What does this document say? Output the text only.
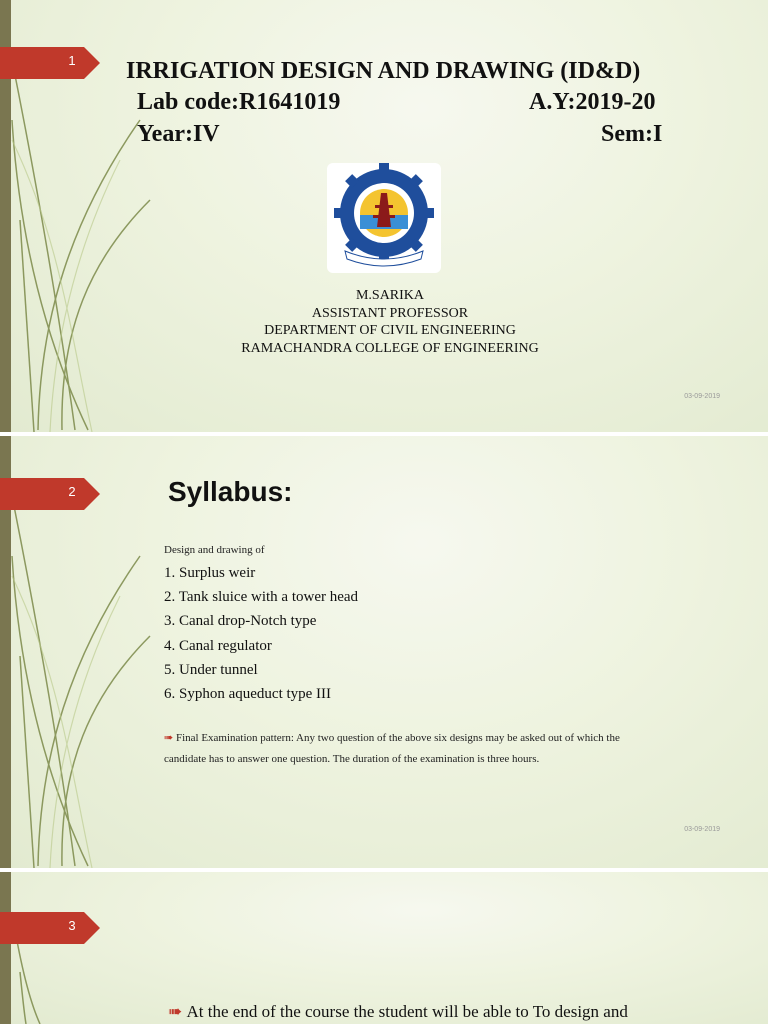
1 IRRIGATION DESIGN AND DRAWING (ID&D)
Lab code:R1641019	A.Y:2019-20
Year:IV	Sem:I
M.SARIKA
ASSISTANT PROFESSOR
DEPARTMENT OF CIVIL ENGINEERING
RAMACHANDRA COLLEGE OF ENGINEERING
03-09-2019
2	Syllabus:
Design and drawing of
1. Surplus weir
2. Tank sluice with a tower head
3. Canal drop-Notch type
4. Canal regulator
5. Under tunnel
6. Syphon aqueduct type III
➠ Final Examination pattern: Any two question of the above six designs may be asked out of which the candidate has to answer one question. The duration of the examination is three hours.
03-09-2019
3
➠ At the end of the course the student will be able to To design and
